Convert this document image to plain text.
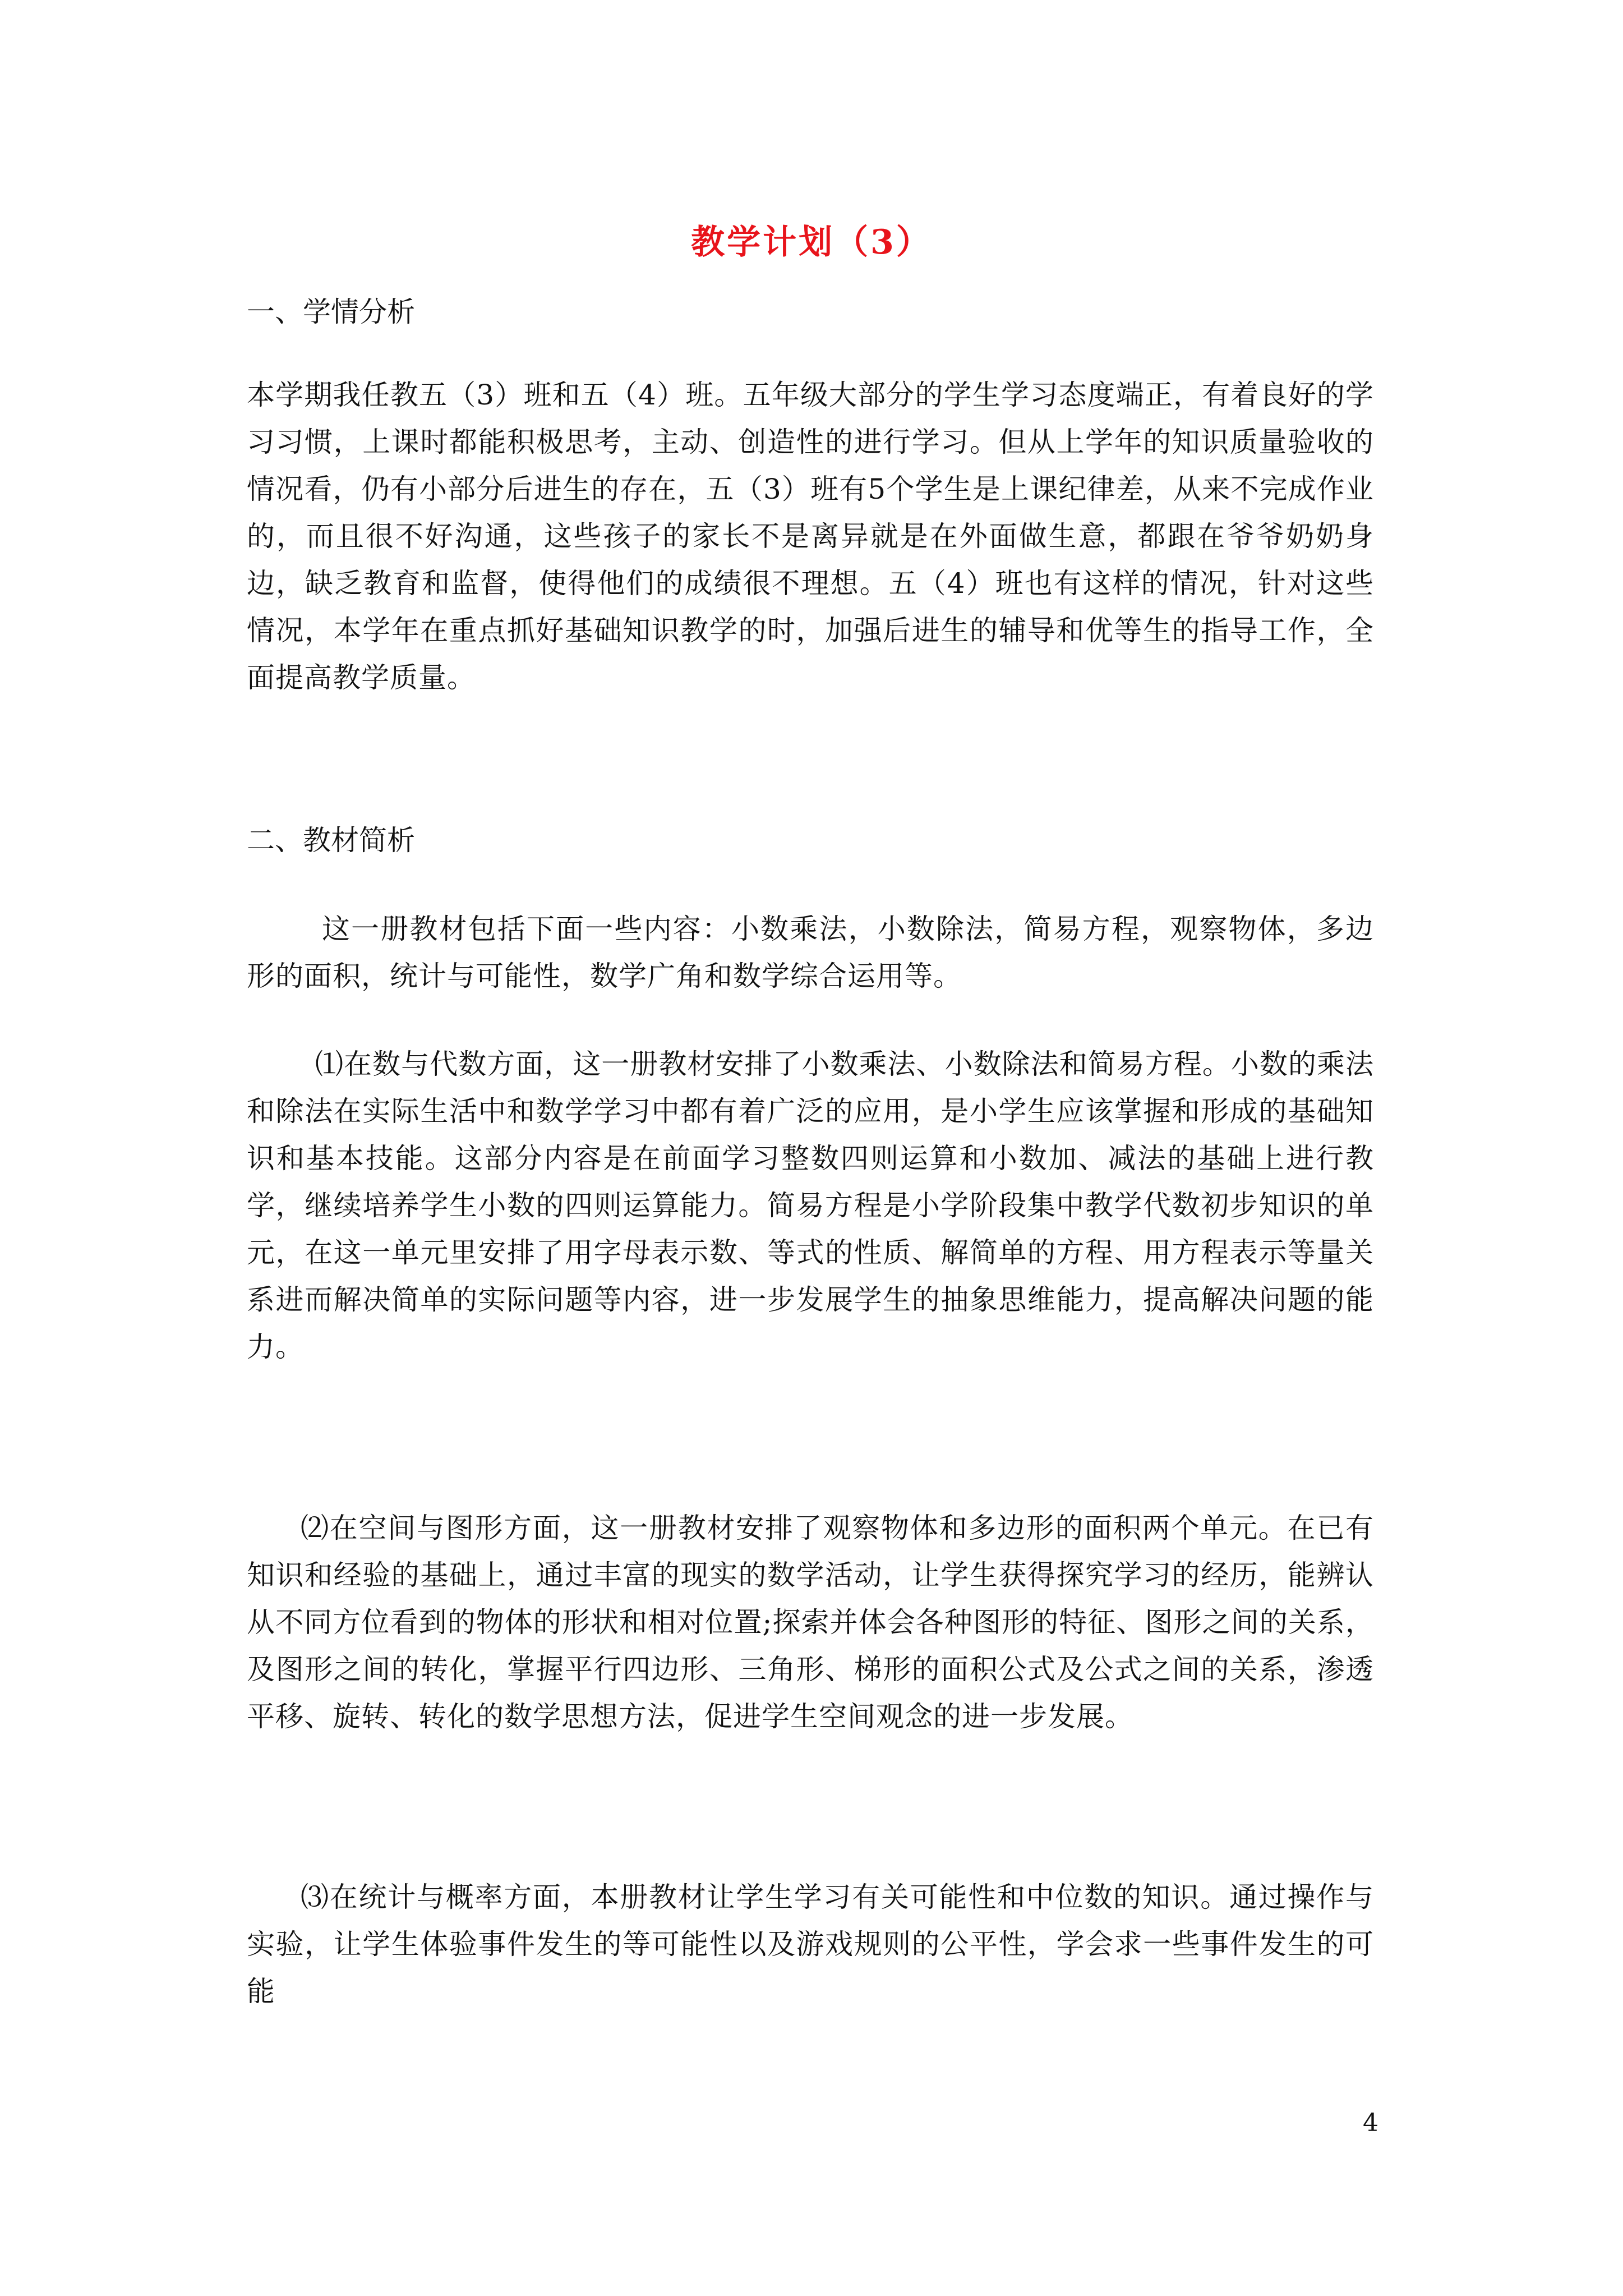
教学计划（3）
一、学情分析
本学期我任教五（3）班和五（4）班。五年级大部分的学生学习态度端正，有着良好的学习习惯，上课时都能积极思考，主动、创造性的进行学习。但从上学年的知识质量验收的情况看，仍有小部分后进生的存在，五（3）班有5个学生是上课纪律差，从来不完成作业的，而且很不好沟通，这些孩子的家长不是离异就是在外面做生意，都跟在爷爷奶奶身边，缺乏教育和监督，使得他们的成绩很不理想。五（4）班也有这样的情况，针对这些情况，本学年在重点抓好基础知识教学的时，加强后进生的辅导和优等生的指导工作，全面提高教学质量。
二、教材简析
这一册教材包括下面一些内容：小数乘法，小数除法，简易方程，观察物体，多边形的面积，统计与可能性，数学广角和数学综合运用等。
⑴在数与代数方面，这一册教材安排了小数乘法、小数除法和简易方程。小数的乘法和除法在实际生活中和数学学习中都有着广泛的应用，是小学生应该掌握和形成的基础知识和基本技能。这部分内容是在前面学习整数四则运算和小数加、减法的基础上进行教学，继续培养学生小数的四则运算能力。简易方程是小学阶段集中教学代数初步知识的单元，在这一单元里安排了用字母表示数、等式的性质、解简单的方程、用方程表示等量关系进而解决简单的实际问题等内容，进一步发展学生的抽象思维能力，提高解决问题的能力。
⑵在空间与图形方面，这一册教材安排了观察物体和多边形的面积两个单元。在已有知识和经验的基础上，通过丰富的现实的数学活动，让学生获得探究学习的经历，能辨认从不同方位看到的物体的形状和相对位置;探索并体会各种图形的特征、图形之间的关系，及图形之间的转化，掌握平行四边形、三角形、梯形的面积公式及公式之间的关系，渗透平移、旋转、转化的数学思想方法，促进学生空间观念的进一步发展。
⑶在统计与概率方面，本册教材让学生学习有关可能性和中位数的知识。通过操作与实验，让学生体验事件发生的等可能性以及游戏规则的公平性，学会求一些事件发生的可能
4
